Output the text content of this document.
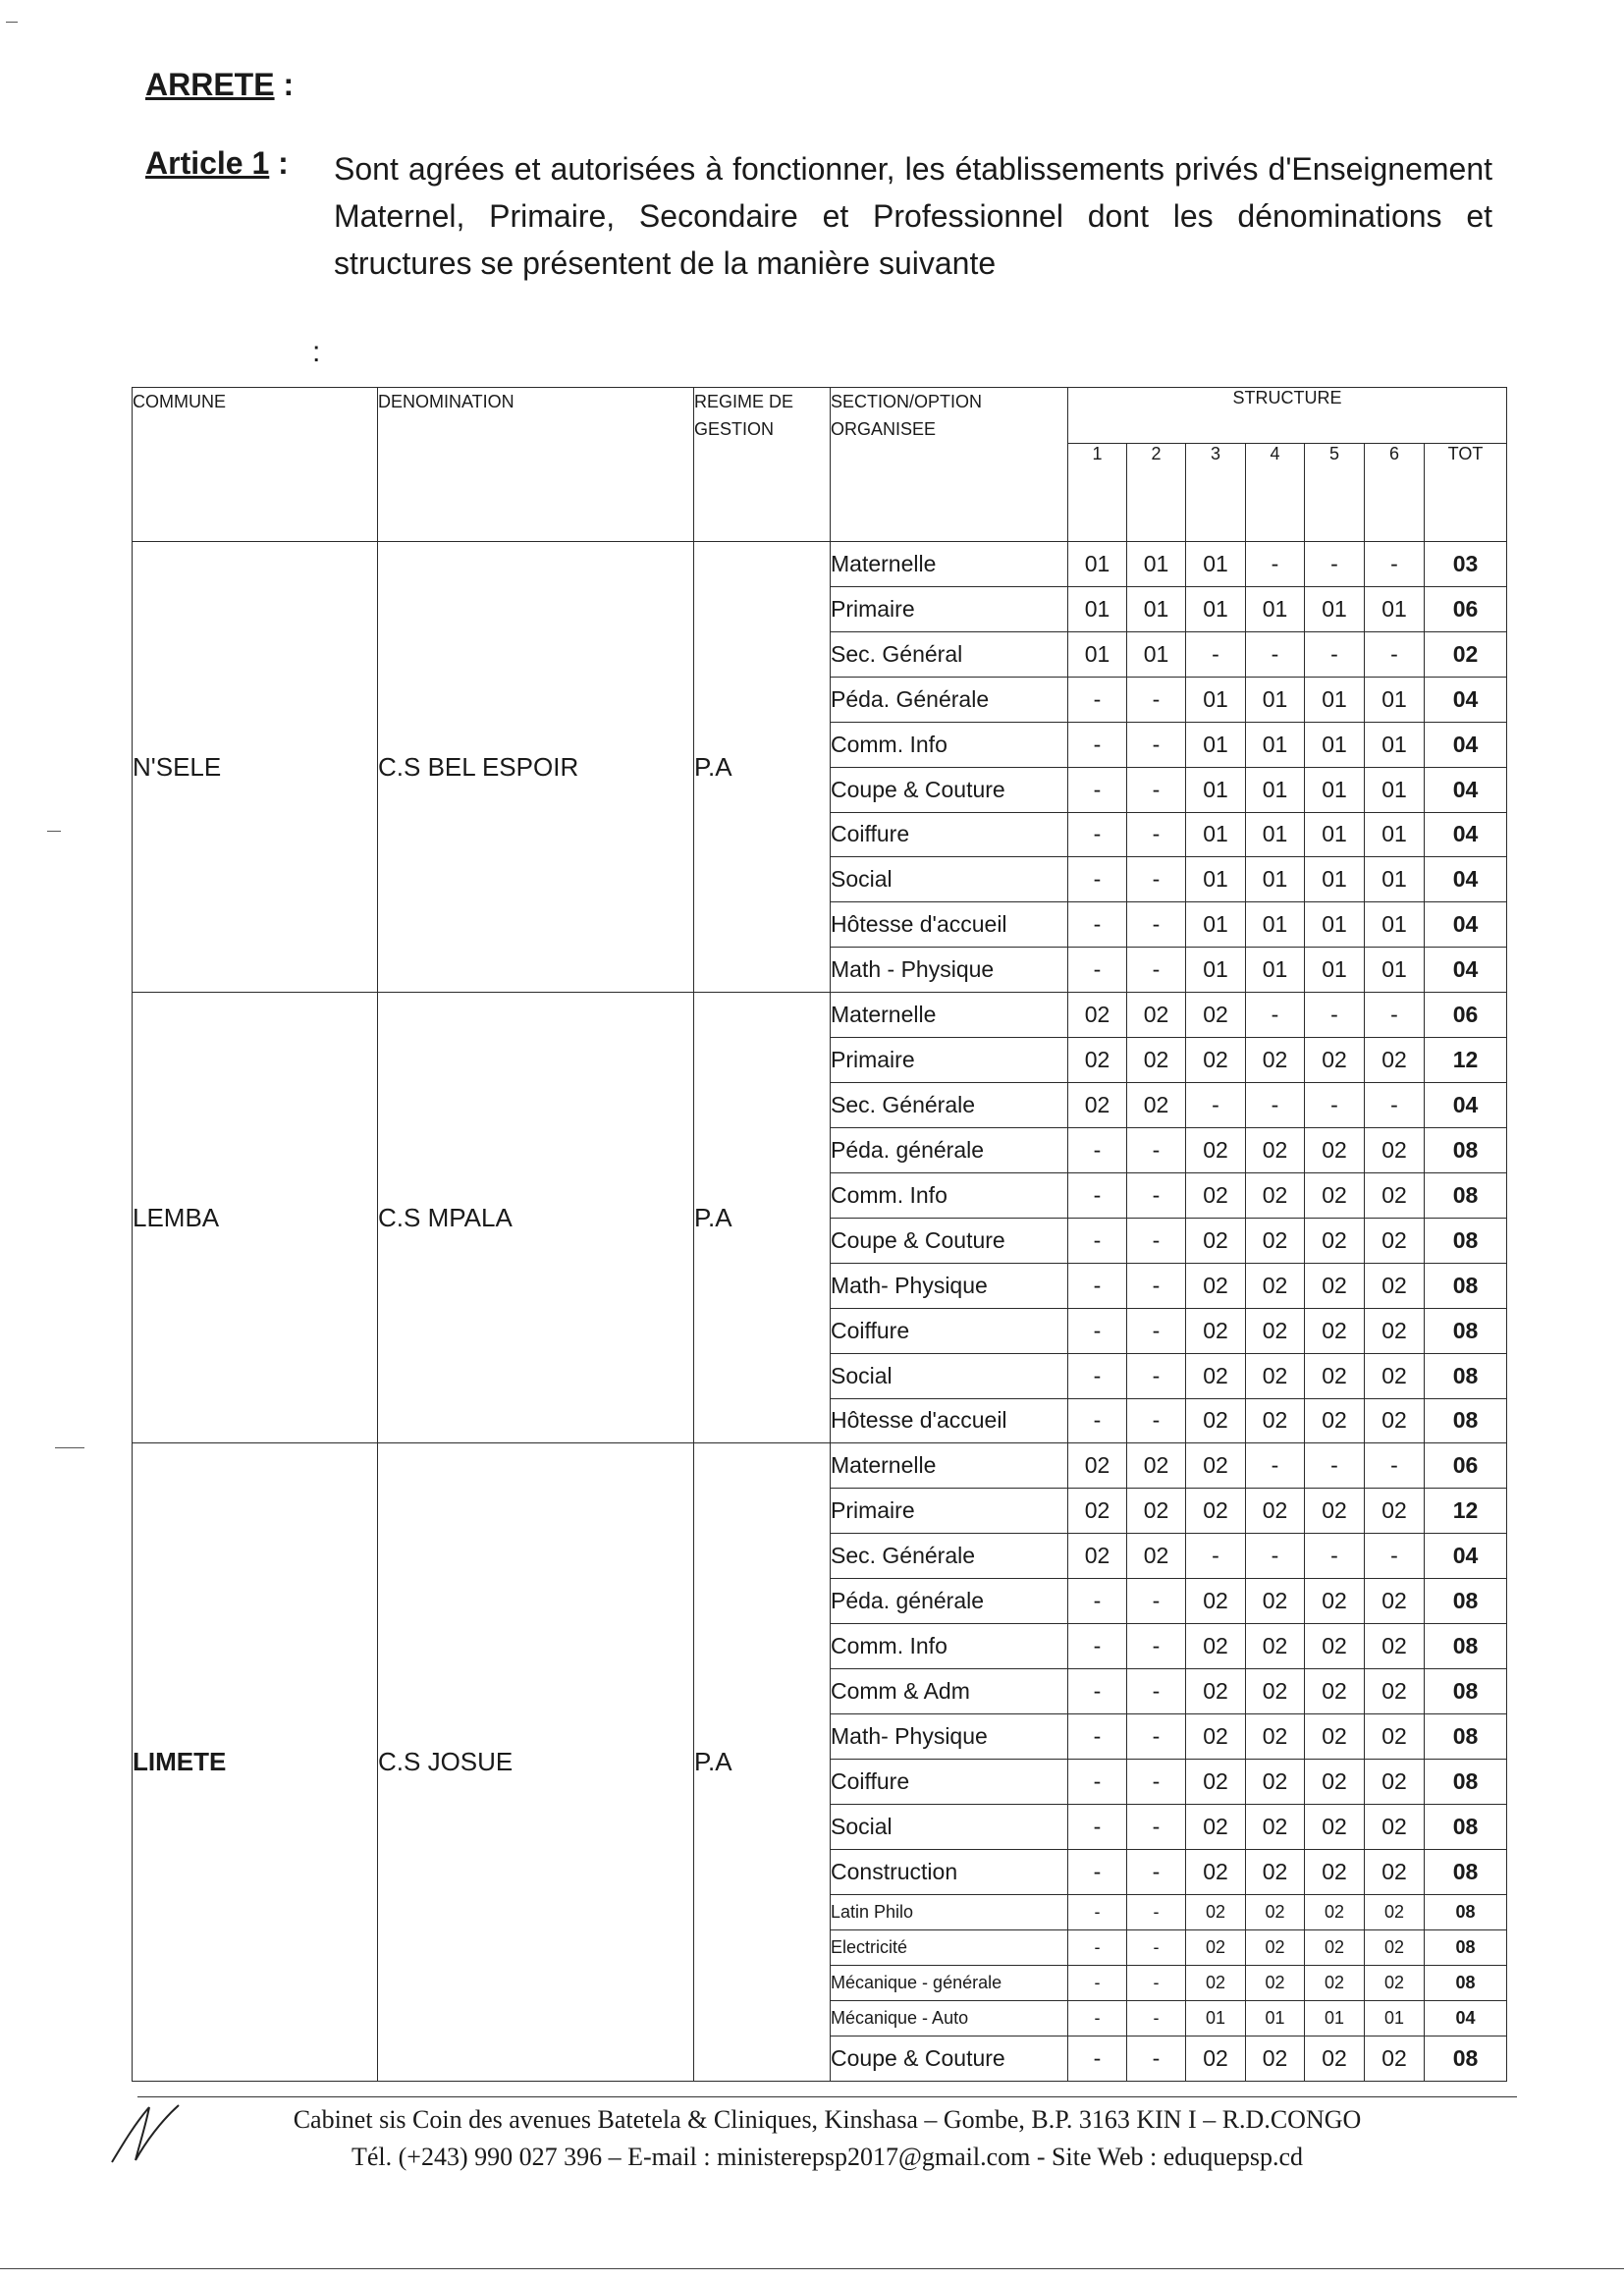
ARRETE :
Article 1 : Sont agrées et autorisées à fonctionner, les établissements privés d'Enseignement Maternel, Primaire, Secondaire et Professionnel dont les dénominations et structures se présentent de la manière suivante
:
COMMUNE	DENOMINATION	REGIME DE GESTION	SECTION/OPTION ORGANISEE	STRUCTURE						
				1	2	3	4	5	6	TOT
N'SELE	C.S BEL ESPOIR	P.A	Maternelle	01	01	01	-	-	-	03
			Primaire	01	01	01	01	01	01	06
			Sec. Général	01	01	-	-	-	-	02
			Péda. Générale	-	-	01	01	01	01	04
			Comm. Info	-	-	01	01	01	01	04
			Coupe & Couture	-	-	01	01	01	01	04
			Coiffure	-	-	01	01	01	01	04
			Social	-	-	01	01	01	01	04
			Hôtesse d'accueil	-	-	01	01	01	01	04
			Math - Physique	-	-	01	01	01	01	04
LEMBA	C.S MPALA	P.A	Maternelle	02	02	02	-	-	-	06
			Primaire	02	02	02	02	02	02	12
			Sec. Générale	02	02	-	-	-	-	04
			Péda. générale	-	-	02	02	02	02	08
			Comm. Info	-	-	02	02	02	02	08
			Coupe & Couture	-	-	02	02	02	02	08
			Math- Physique	-	-	02	02	02	02	08
			Coiffure	-	-	02	02	02	02	08
			Social	-	-	02	02	02	02	08
			Hôtesse d'accueil	-	-	02	02	02	02	08
LIMETE	C.S JOSUE	P.A	Maternelle	02	02	02	-	-	-	06
			Primaire	02	02	02	02	02	02	12
			Sec. Générale	02	02	-	-	-	-	04
			Péda. générale	-	-	02	02	02	02	08
			Comm. Info	-	-	02	02	02	02	08
			Comm & Adm	-	-	02	02	02	02	08
			Math- Physique	-	-	02	02	02	02	08
			Coiffure	-	-	02	02	02	02	08
			Social	-	-	02	02	02	02	08
			Construction	-	-	02	02	02	02	08
			Latin Philo	-	-	02	02	02	02	08
			Electricité	-	-	02	02	02	02	08
			Mécanique - générale	-	-	02	02	02	02	08
			Mécanique - Auto	-	-	01	01	01	01	04
			Coupe & Couture	-	-	02	02	02	02	08
Cabinet sis Coin des avenues Batetela & Cliniques, Kinshasa – Gombe, B.P. 3163 KIN I – R.D.CONGO
Tél. (+243) 990 027 396 – E-mail : ministerepsp2017@gmail.com - Site Web : eduquepsp.cd
